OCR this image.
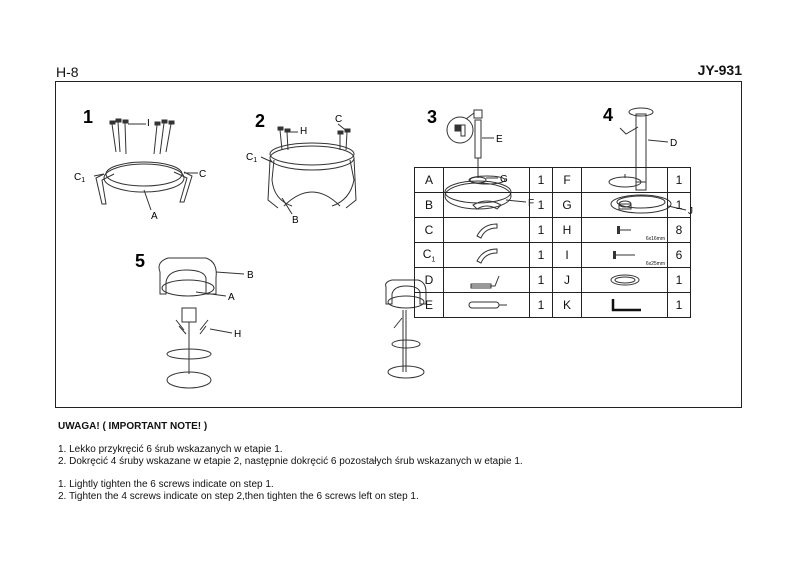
H-8	JY-931
1	I
$C_1$
C
A
2
H
C
$C_1$
B
3
E
G
F
4
D
J
5
B
A
H
A		1	F		1
B		1	G		1
C		1	H	6x16mm	8
$C_1$		1	I	6x25mm	6
D		1	J		1
E		1	K		1
UWAGA! ( IMPORTANT NOTE! )
1. Lekko przykręcić 6 śrub wskazanych w etapie 1.
2. Dokręcić 4 śruby wskazane w etapie 2, następnie dokręcić 6 pozostałych śrub wskazanych w etapie 1.
1. Lightly tighten the 6 screws indicate on step 1.
2. Tighten the 4 screws indicate on step 2,then tighten the 6 screws left on step 1.
